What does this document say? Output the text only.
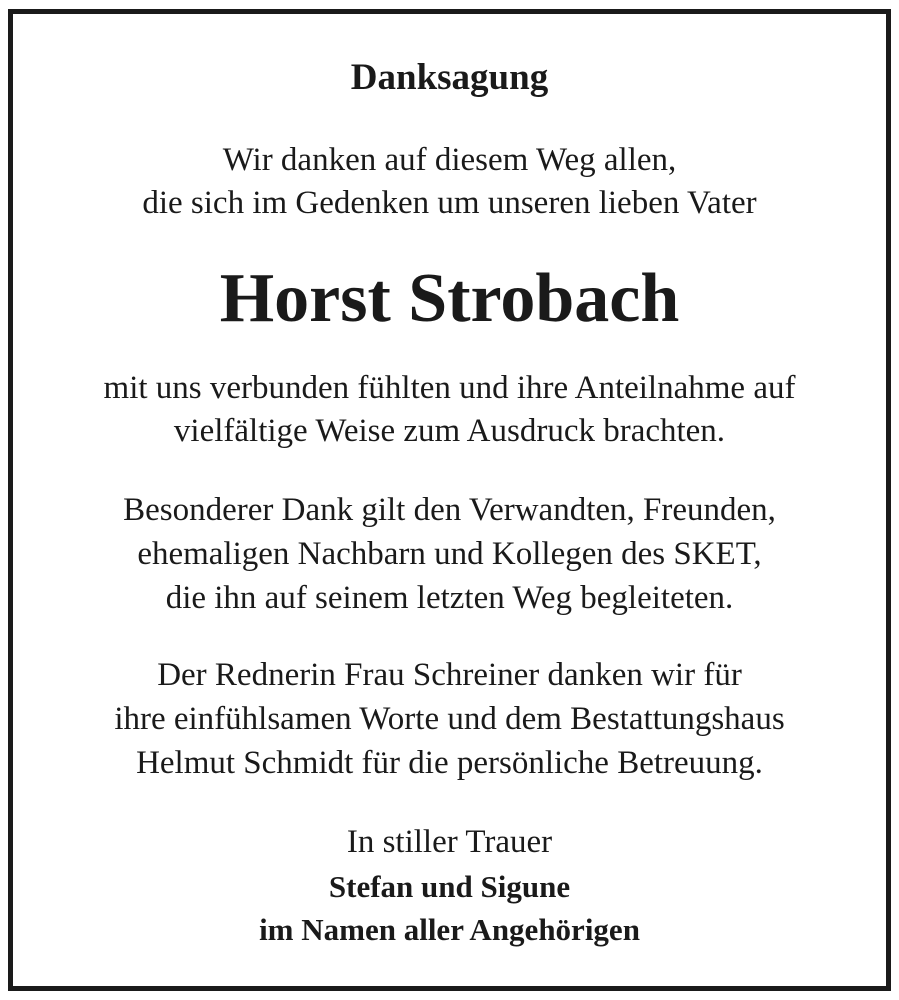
Danksagung
Wir danken auf diesem Weg allen,
die sich im Gedenken um unseren lieben Vater
Horst Strobach
mit uns verbunden fühlten und ihre Anteilnahme auf
vielfältige Weise zum Ausdruck brachten.
Besonderer Dank gilt den Verwandten, Freunden,
ehemaligen Nachbarn und Kollegen des SKET,
die ihn auf seinem letzten Weg begleiteten.
Der Rednerin Frau Schreiner danken wir für
ihre einfühlsamen Worte und dem Bestattungshaus
Helmut Schmidt für die persönliche Betreuung.
In stiller Trauer
Stefan und Sigune
im Namen aller Angehörigen
